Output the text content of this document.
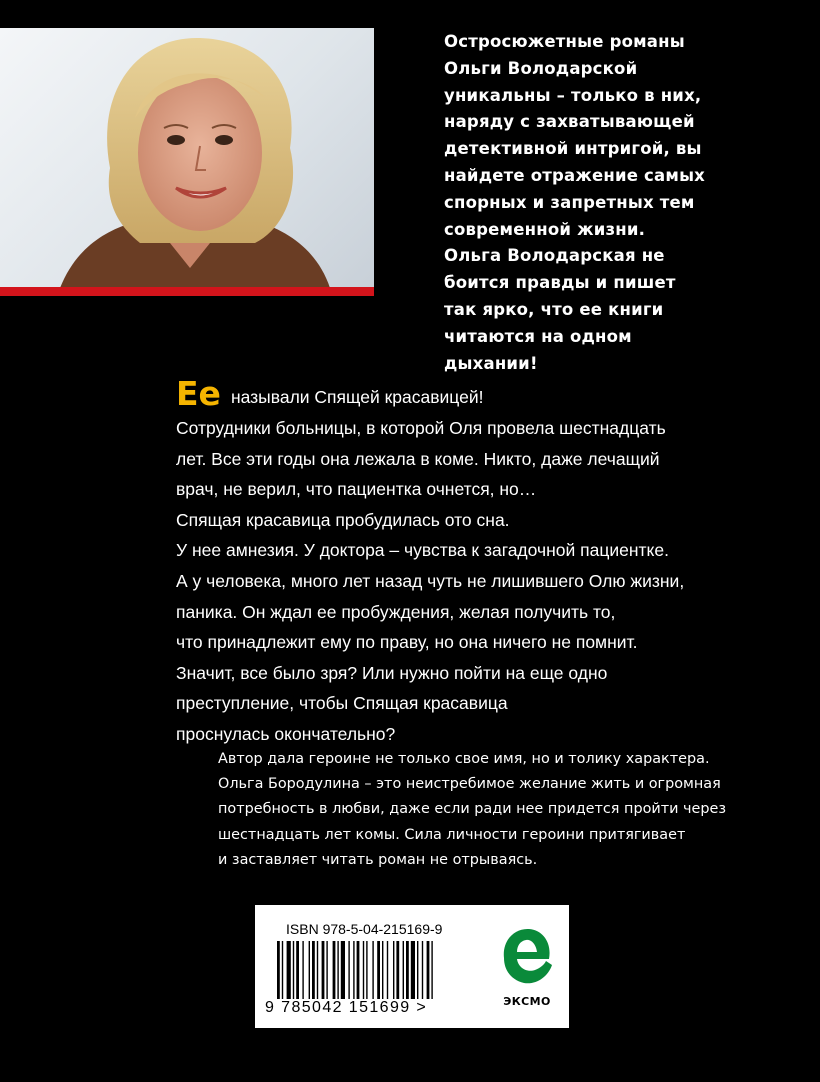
Остросюжетные романы
Ольги Володарской
уникальны – только в них,
наряду с захватывающей
детективной интригой, вы
найдете отражение самых
спорных и запретных тем
современной жизни.
Ольга Володарская не
боится правды и пишет
так ярко, что ее книги
читаются на одном
дыхании!
Ее называли Спящей красавицей!
Сотрудники больницы, в которой Оля провела шестнадцать
лет. Все эти годы она лежала в коме. Никто, даже лечащий
врач, не верил, что пациентка очнется, но…
Спящая красавица пробудилась ото сна.
У нее амнезия. У доктора – чувства к загадочной пациентке.
А у человека, много лет назад чуть не лишившего Олю жизни,
паника. Он ждал ее пробуждения, желая получить то,
что принадлежит ему по праву, но она ничего не помнит.
Значит, все было зря? Или нужно пойти на еще одно
преступление, чтобы Спящая красавица
проснулась окончательно?
Автор дала героине не только свое имя, но и толику характера.
Ольга Бородулина – это неистребимое желание жить и огромная
потребность в любви, даже если ради нее придется пройти через
шестнадцать лет комы. Сила личности героини притягивает
и заставляет читать роман не отрываясь.
ISBN 978-5-04-215169-9
9 785042 151699 >	ЭКСМО
